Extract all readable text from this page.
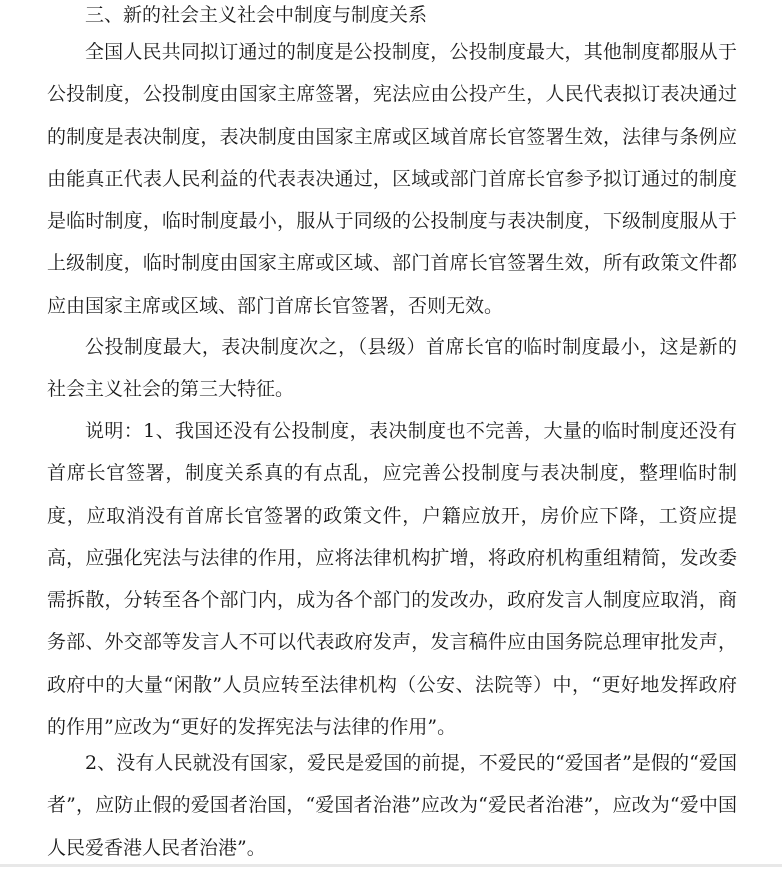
三、新的社会主义社会中制度与制度关系

全国人民共同拟订通过的制度是公投制度，公投制度最大，其他制度都服从于公投制度，公投制度由国家主席签署，宪法应由公投产生，人民代表拟订表决通过的制度是表决制度，表决制度由国家主席或区域首席长官签署生效，法律与条例应由能真正代表人民利益的代表表决通过，区域或部门首席长官参予拟订通过的制度是临时制度，临时制度最小，服从于同级的公投制度与表决制度，下级制度服从于上级制度，临时制度由国家主席或区域、部门首席长官签署生效，所有政策文件都应由国家主席或区域、部门首席长官签署，否则无效。

公投制度最大，表决制度次之，（县级）首席长官的临时制度最小，这是新的社会主义社会的第三大特征。

说明：1、我国还没有公投制度，表决制度也不完善，大量的临时制度还没有首席长官签署，制度关系真的有点乱，应完善公投制度与表决制度，整理临时制度，应取消没有首席长官签署的政策文件，户籍应放开，房价应下降，工资应提高，应强化宪法与法律的作用，应将法律机构扩增，将政府机构重组精简，发改委需拆散，分转至各个部门内，成为各个部门的发改办，政府发言人制度应取消，商务部、外交部等发言人不可以代表政府发声，发言稿件应由国务院总理审批发声，政府中的大量“闲散”人员应转至法律机构（公安、法院等）中，“更好地发挥政府的作用”应改为“更好的发挥宪法与法律的作用”。

2、没有人民就没有国家，爱民是爱国的前提，不爱民的“爱国者”是假的“爱国者”，应防止假的爱国者治国，“爱国者治港”应改为“爱民者治港”，应改为“爱中国人民爱香港人民者治港”。
